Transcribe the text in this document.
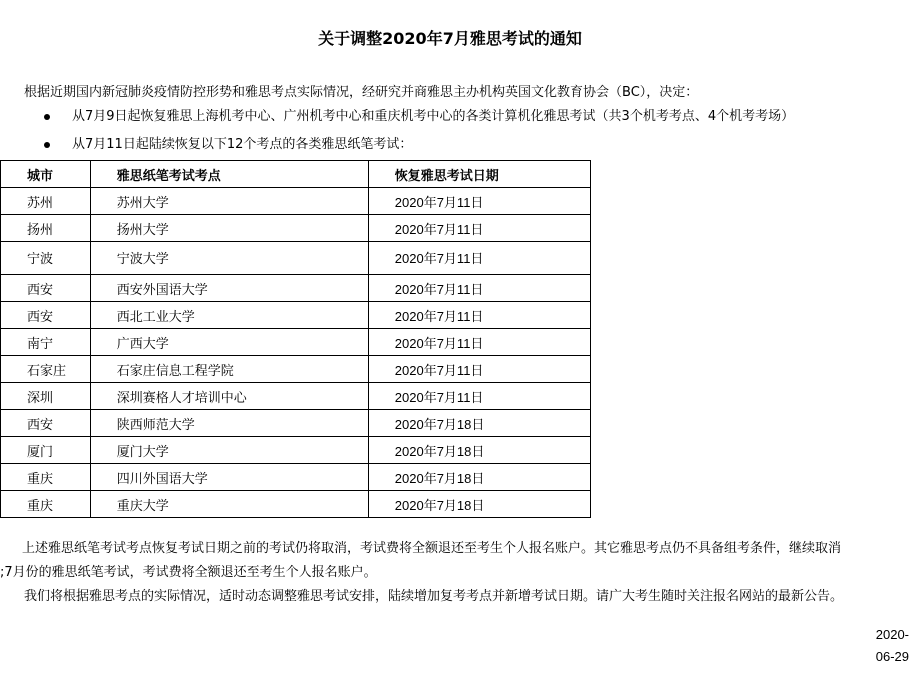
关于调整2020年7月雅思考试的通知
根据近期国内新冠肺炎疫情防控形势和雅思考点实际情况，经研究并商雅思主办机构英国文化教育协会（BC），决定：
从7月9日起恢复雅思上海机考中心、广州机考中心和重庆机考中心的各类计算机化雅思考试（共3个机考考点、4个机考考场）
从7月11日起陆续恢复以下12个考点的各类雅思纸笔考试：
城市	雅思纸笔考试考点	恢复雅思考试日期
苏州	苏州大学	2020年7月11日
扬州	扬州大学	2020年7月11日
宁波	宁波大学	2020年7月11日
西安	西安外国语大学	2020年7月11日
西安	西北工业大学	2020年7月11日
南宁	广西大学	2020年7月11日
石家庄	石家庄信息工程学院	2020年7月11日
深圳	深圳赛格人才培训中心	2020年7月11日
西安	陕西师范大学	2020年7月18日
厦门	厦门大学	2020年7月18日
重庆	四川外国语大学	2020年7月18日
重庆	重庆大学	2020年7月18日
上述雅思纸笔考试考点恢复考试日期之前的考试仍将取消，考试费将全额退还至考生个人报名账户。其它雅思考点仍不具备组考条件，继续取消
;7月份的雅思纸笔考试，考试费将全额退还至考生个人报名账户。
我们将根据雅思考点的实际情况，适时动态调整雅思考试安排，陆续增加复考考点并新增考试日期。请广大考生随时关注报名网站的最新公告。
2020-
06-29
